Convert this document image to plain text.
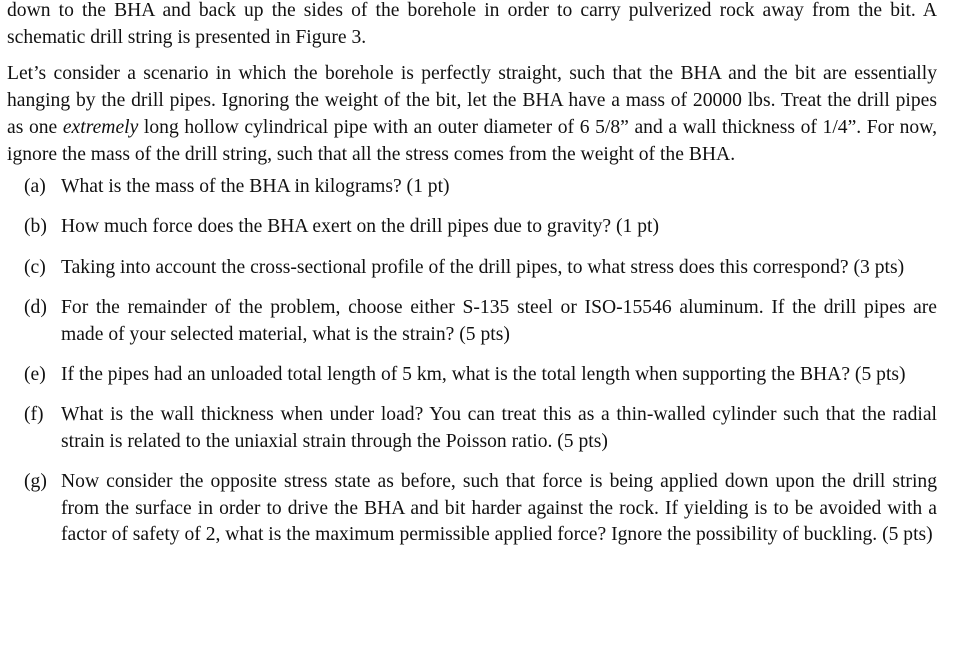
down to the BHA and back up the sides of the borehole in order to carry pulverized rock away from the bit. A schematic drill string is presented in Figure 3.

Let’s consider a scenario in which the borehole is perfectly straight, such that the BHA and the bit are essentially hanging by the drill pipes. Ignoring the weight of the bit, let the BHA have a mass of 20000 lbs. Treat the drill pipes as one extremely long hollow cylindrical pipe with an outer diameter of 6 5/8” and a wall thickness of 1/4”. For now, ignore the mass of the drill string, such that all the stress comes from the weight of the BHA.

(a) What is the mass of the BHA in kilograms? (1 pt)
(b) How much force does the BHA exert on the drill pipes due to gravity? (1 pt)
(c) Taking into account the cross-sectional profile of the drill pipes, to what stress does this correspond? (3 pts)
(d) For the remainder of the problem, choose either S-135 steel or ISO-15546 aluminum. If the drill pipes are made of your selected material, what is the strain? (5 pts)
(e) If the pipes had an unloaded total length of 5 km, what is the total length when supporting the BHA? (5 pts)
(f) What is the wall thickness when under load? You can treat this as a thin-walled cylinder such that the radial strain is related to the uniaxial strain through the Poisson ratio. (5 pts)
(g) Now consider the opposite stress state as before, such that force is being applied down upon the drill string from the surface in order to drive the BHA and bit harder against the rock. If yielding is to be avoided with a factor of safety of 2, what is the maximum permissible applied force? Ignore the possibility of buckling. (5 pts)
